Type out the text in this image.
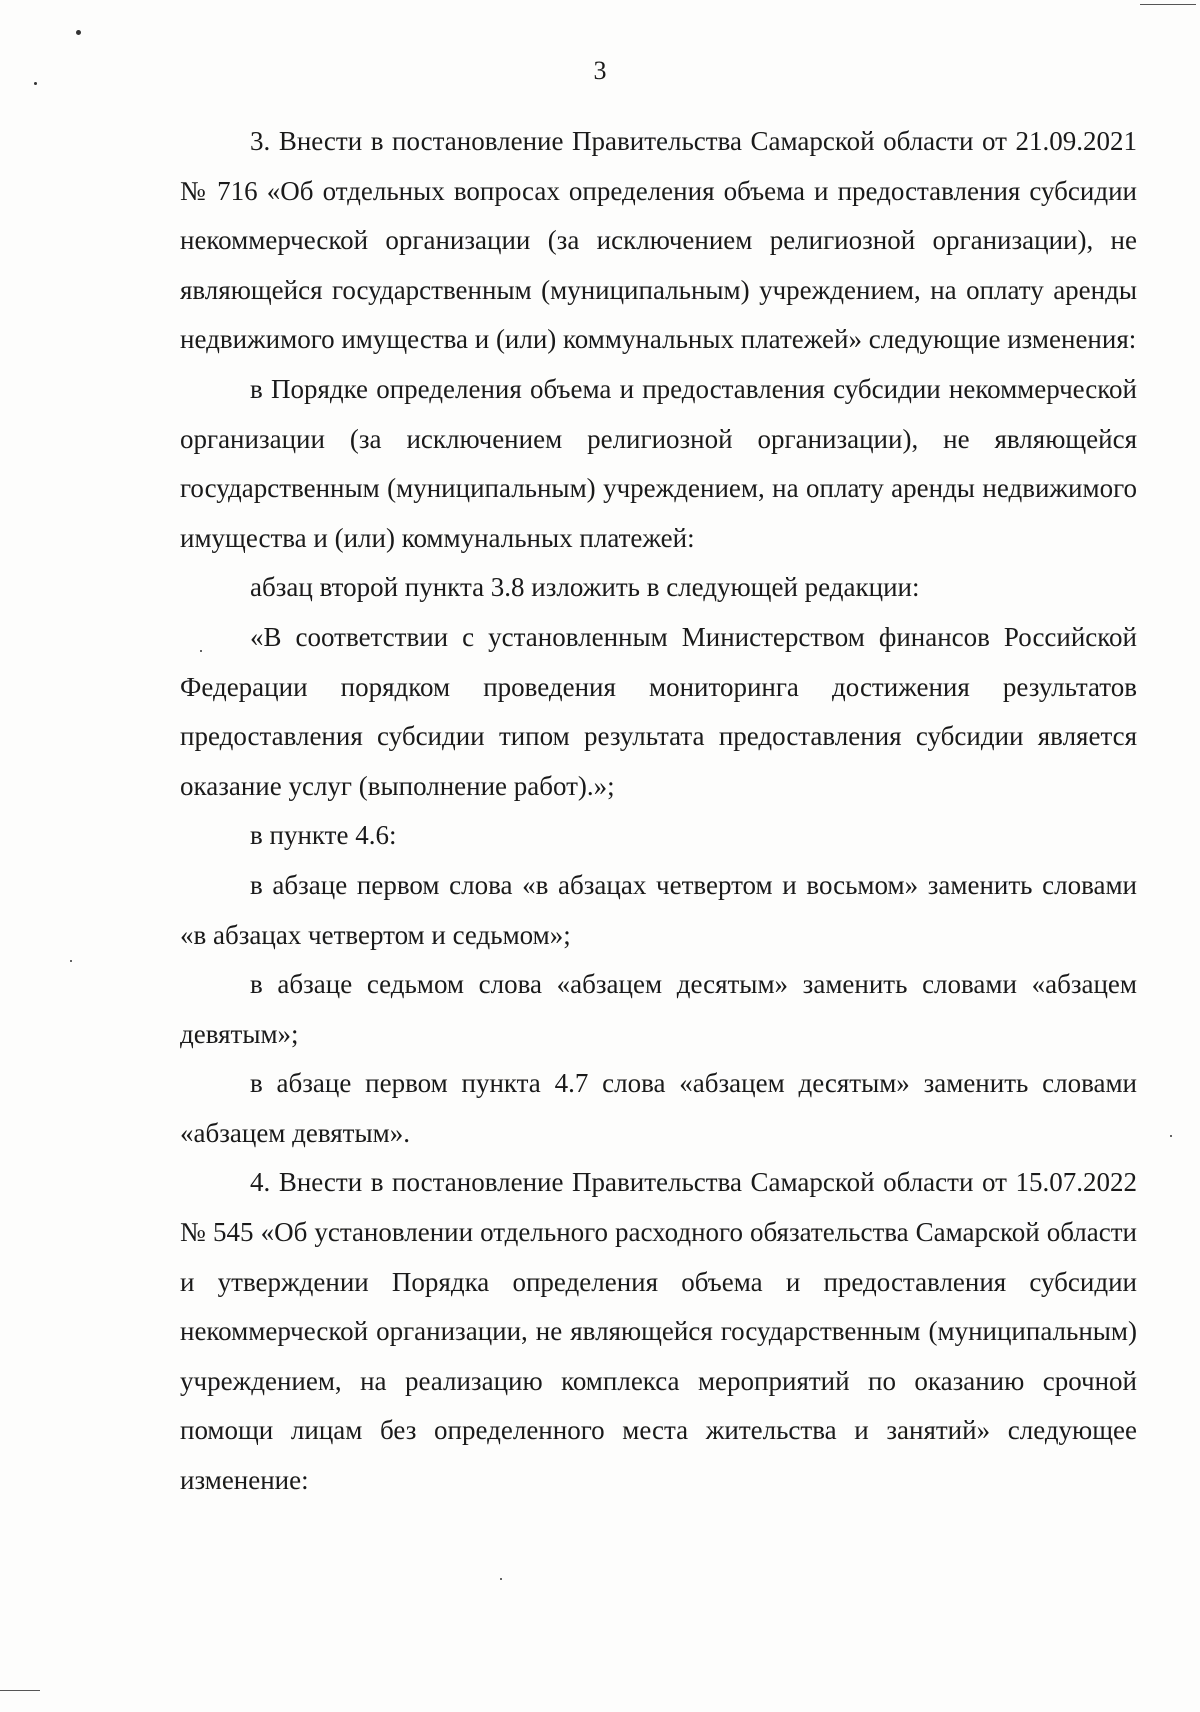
3

3. Внести в постановление Правительства Самарской области от 21.09.2021 № 716 «Об отдельных вопросах определения объема и предоставления субсидии некоммерческой организации (за исключением религиозной организации), не являющейся государственным (муниципальным) учреждением, на оплату аренды недвижимого имущества и (или) коммунальных платежей» следующие изменения:

в Порядке определения объема и предоставления субсидии некоммерческой организации (за исключением религиозной организации), не являющейся государственным (муниципальным) учреждением, на оплату аренды недвижимого имущества и (или) коммунальных платежей:

абзац второй пункта 3.8 изложить в следующей редакции:

«В соответствии с установленным Министерством финансов Российской Федерации порядком проведения мониторинга достижения результатов предоставления субсидии типом результата предоставления субсидии является оказание услуг (выполнение работ).»;

в пункте 4.6:

в абзаце первом слова «в абзацах четвертом и восьмом» заменить словами «в абзацах четвертом и седьмом»;

в абзаце седьмом слова «абзацем десятым» заменить словами «абзацем девятым»;

в абзаце первом пункта 4.7 слова «абзацем десятым» заменить словами «абзацем девятым».

4. Внести в постановление Правительства Самарской области от 15.07.2022 № 545 «Об установлении отдельного расходного обязательства Самарской области и утверждении Порядка определения объема и предоставления субсидии некоммерческой организации, не являющейся государственным (муниципальным) учреждением, на реализацию комплекса мероприятий по оказанию срочной помощи лицам без определенного места жительства и занятий» следующее изменение:
